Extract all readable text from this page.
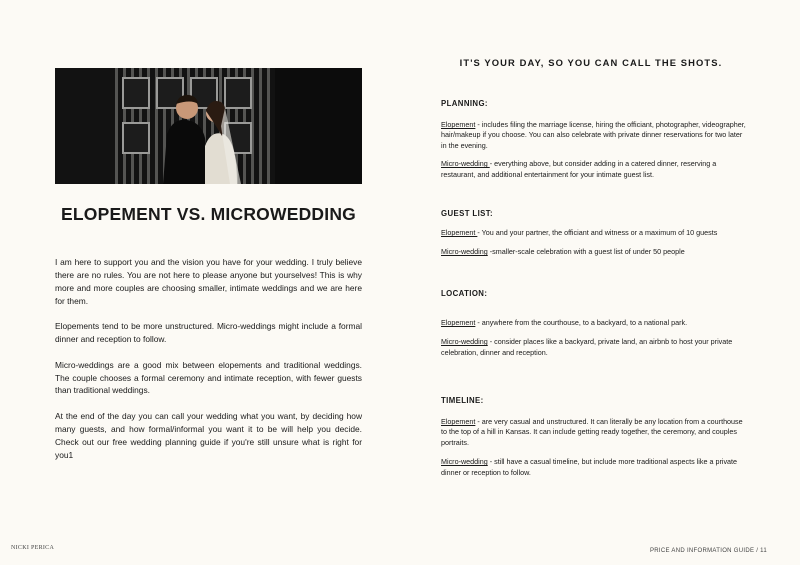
ELOPEMENT VS. MICROWEDDING

I am here to support you and the vision you have for your wedding. I truly believe there are no rules. You are not here to please anyone but yourselves! This is why more and more couples are choosing smaller, intimate weddings and we are here for them.

Elopements tend to be more unstructured. Micro-weddings might include a formal dinner and reception to follow.

Micro-weddings are a good mix between elopements and traditional weddings. The couple chooses a formal ceremony and intimate reception, with fewer guests than traditional weddings.

At the end of the day you can call your wedding what you want, by deciding how many guests, and how formal/informal you want it to be will help you decide. Check out our free wedding planning guide if you're still unsure what is right for you1

IT'S YOUR DAY, SO YOU CAN CALL THE SHOTS.
PLANNING:

Elopement - includes filing the marriage license, hiring the officiant, photographer, videographer, hair/makeup if you choose. You can also celebrate with private dinner reservations for two later in the evening.

Micro-wedding - everything above, but consider adding in a catered dinner, reserving a restaurant, and additional entertainment for your intimate guest list.

GUEST LIST:

Elopement - You and your partner, the officiant and witness or a maximum of 10 guests

Micro-wedding -smaller-scale celebration with a guest list of under 50 people

LOCATION:

Elopement - anywhere from the courthouse, to a backyard, to a national park.

Micro-wedding - consider places like a backyard, private land, an airbnb to host your private celebration, dinner and reception.

TIMELINE:

Elopement - are very casual and unstructured. It can literally be any location from a courthouse to the top of a hill in Kansas. It can include getting ready together, the ceremony, and couples portraits.

Micro-wedding - still have a casual timeline, but include more traditional aspects like a private dinner or reception to follow.

NICKI PERICA	PRICE AND INFORMATION GUIDE / 11
